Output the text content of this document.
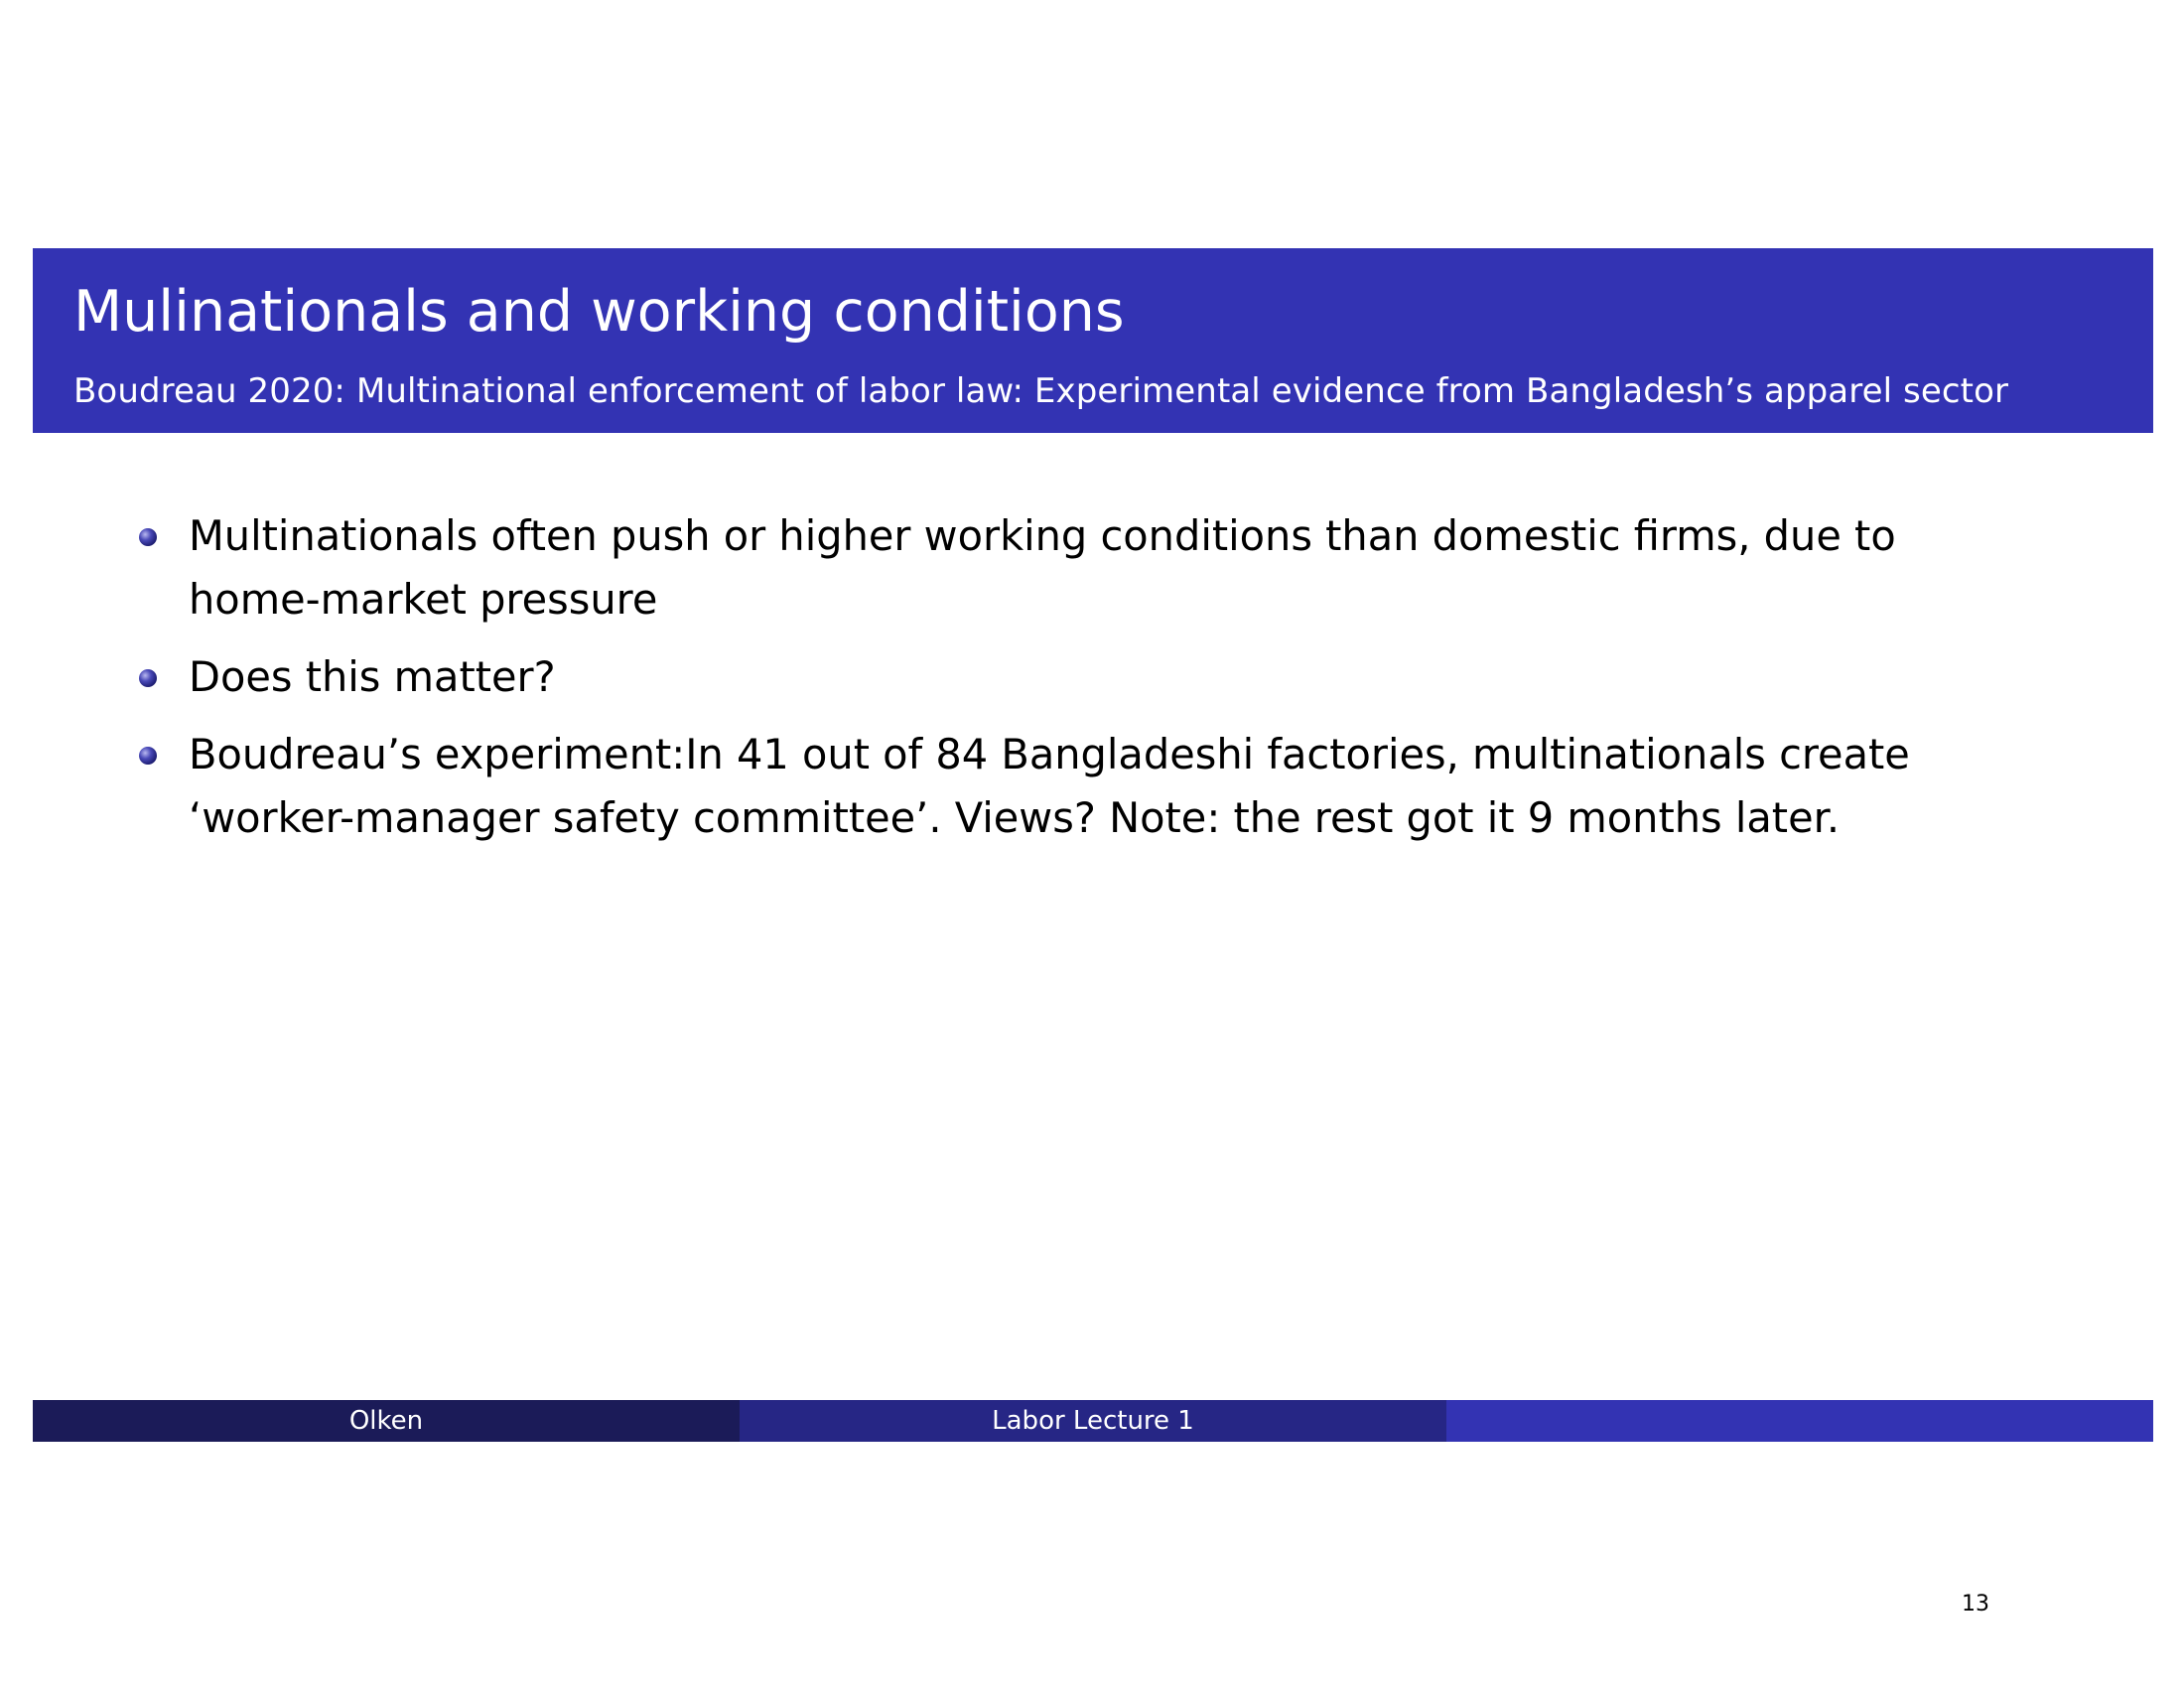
Mulinationals and working conditions
Boudreau 2020: Multinational enforcement of labor law: Experimental evidence from Bangladesh’s apparel sector
Multinationals often push or higher working conditions than domestic firms, due to home-market pressure
Does this matter?
Boudreau’s experiment:In 41 out of 84 Bangladeshi factories, multinationals create ‘worker-manager safety committee’. Views? Note: the rest got it 9 months later.
Olken	Labor Lecture 1
13
